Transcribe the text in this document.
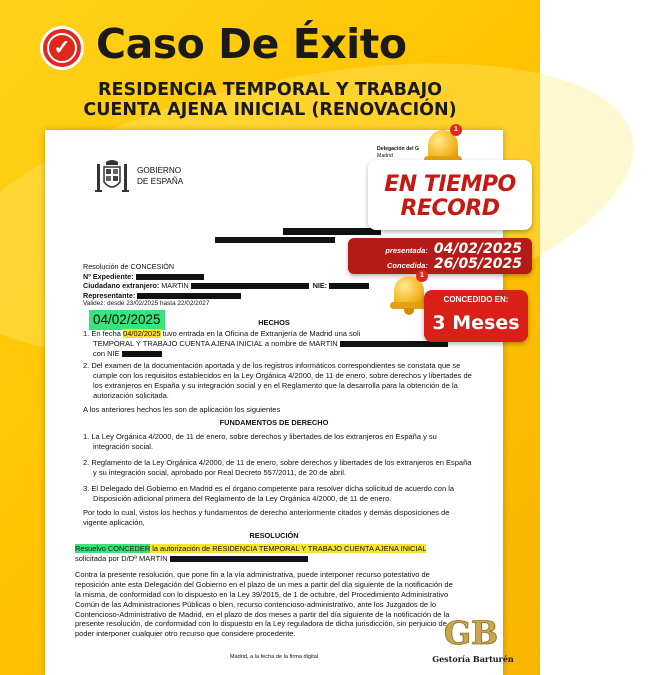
✓ Caso De Éxito
RESIDENCIA TEMPORAL Y TRABAJO
CUENTA AJENA INICIAL (RENOVACIÓN)
GOBIERNO
DE ESPAÑA
Delegación del G
Madrid
Resolución de CONCESIÓN
Nº Expediente:
Ciudadano extranjero: MARTIN	NIE:
Representante:
Validez: desde 23/02/2025 hasta 22/02/2027
04/02/2025	HECHOS
1. En fecha 04/02/2025 tuvo entrada en la Oficina de Extranjería de Madrid una soli
TEMPORAL Y TRABAJO CUENTA AJENA INICIAL a nombre de MARTIN
con NIE
2. Del examen de la documentación aportada y de los registros informáticos correspondientes se constata que se cumple con los requisitos establecidos en la Ley Orgánica 4/2000, de 11 de enero, sobre derechos y libertades de los extranjeros en España y su integración social y en el Reglamento que la desarrolla para la obtención de la autorización solicitada.
A los anteriores hechos les son de aplicación los siguientes
FUNDAMENTOS DE DERECHO
1. La Ley Orgánica 4/2000, de 11 de enero, sobre derechos y libertades de los extranjeros en España y su integración social.
2. Reglamento de la Ley Orgánica 4/2000, de 11 de enero, sobre derechos y libertades de los extranjeros en España y su integración social, aprobado por Real Decreto 557/2011, de 20 de abril.
3. El Delegado del Gobierno en Madrid es el órgano competente para resolver dicha solicitud de acuerdo con la Disposición adicional primera del Reglamento de la Ley Orgánica 4/2000, de 11 de enero.
Por todo lo cual, vistos los hechos y fundamentos de derecho anteriormente citados y demás disposiciones de vigente aplicación,
RESOLUCIÓN
Resuelvo CONCEDER la autorización de RESIDENCIA TEMPORAL Y TRABAJO CUENTA AJENA INICIAL
solicitada por D/Dª MARTIN
Contra la presente resolución, que pone fin a la vía administrativa, puede interponer recurso potestativo de reposición ante esta Delegación del Gobierno en el plazo de un mes a partir del día siguiente de la notificación de la misma, de conformidad con lo dispuesto en la Ley 39/2015, de 1 de octubre, del Procedimiento Administrativo Común de las Administraciones Públicas o bien, recurso contencioso-administrativo, ante los Juzgados de lo Contencioso-Administrativo de Madrid, en el plazo de dos meses a partir del día siguiente de la notificación de la presente resolución, de conformidad con lo dispuesto en la Ley reguladora de dicha jurisdicción, sin perjuicio de poder interponer cualquier otro recurso que considere procedente.
Madrid, a la fecha de la firma digital
1
EN TIEMPO
RECORD
presentada: 04/02/2025
Concedida: 26/05/2025
1
CONCEDIDO EN:
3 Meses
GB
Gestoría Barturén
